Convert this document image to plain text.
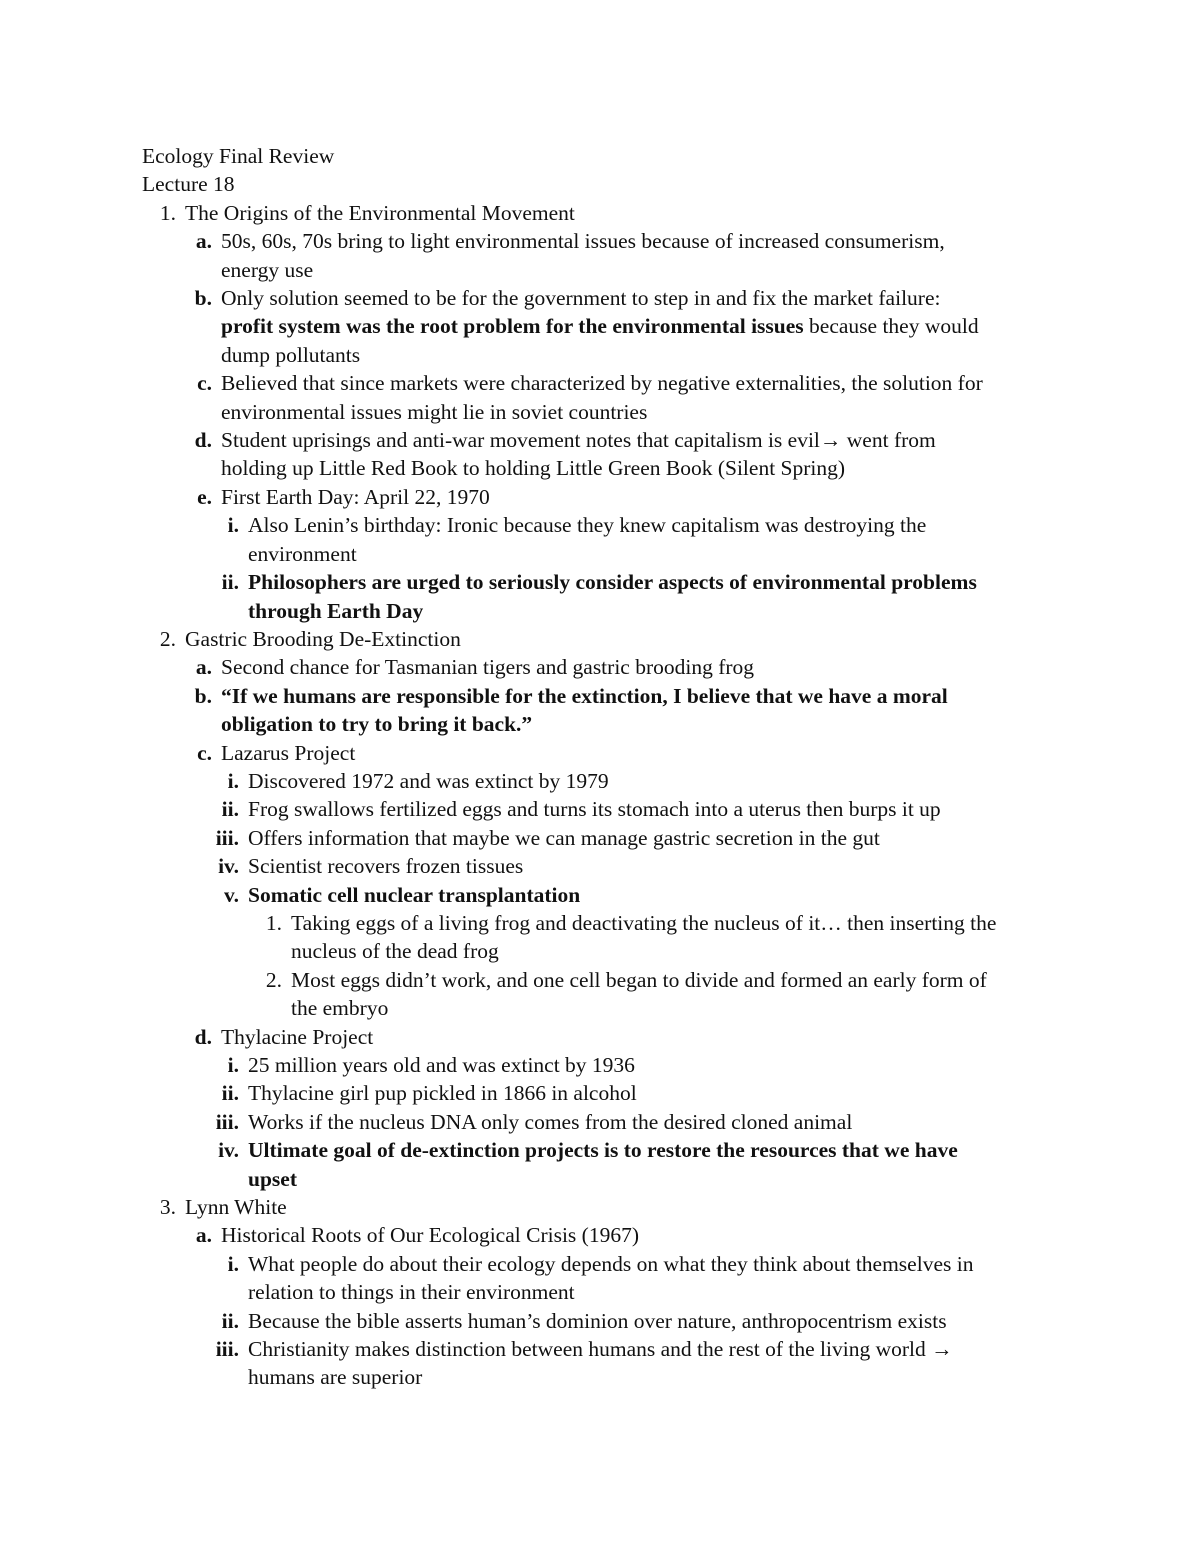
Ecology Final Review
Lecture 18
1. The Origins of the Environmental Movement
a. 50s, 60s, 70s bring to light environmental issues because of increased consumerism,
energy use
b. Only solution seemed to be for the government to step in and fix the market failure:
profit system was the root problem for the environmental issues because they would
dump pollutants
c. Believed that since markets were characterized by negative externalities, the solution for
environmental issues might lie in soviet countries
d. Student uprisings and anti-war movement notes that capitalism is evil→ went from
holding up Little Red Book to holding Little Green Book (Silent Spring)
e. First Earth Day: April 22, 1970
i. Also Lenin’s birthday: Ironic because they knew capitalism was destroying the
environment
ii. Philosophers are urged to seriously consider aspects of environmental problems
through Earth Day
2. Gastric Brooding De-Extinction
a. Second chance for Tasmanian tigers and gastric brooding frog
b. “If we humans are responsible for the extinction, I believe that we have a moral
obligation to try to bring it back.”
c. Lazarus Project
i. Discovered 1972 and was extinct by 1979
ii. Frog swallows fertilized eggs and turns its stomach into a uterus then burps it up
iii. Offers information that maybe we can manage gastric secretion in the gut
iv. Scientist recovers frozen tissues
v. Somatic cell nuclear transplantation
1. Taking eggs of a living frog and deactivating the nucleus of it… then inserting the
nucleus of the dead frog
2. Most eggs didn’t work, and one cell began to divide and formed an early form of
the embryo
d. Thylacine Project
i. 25 million years old and was extinct by 1936
ii. Thylacine girl pup pickled in 1866 in alcohol
iii. Works if the nucleus DNA only comes from the desired cloned animal
iv. Ultimate goal of de-extinction projects is to restore the resources that we have
upset
3. Lynn White
a. Historical Roots of Our Ecological Crisis (1967)
i. What people do about their ecology depends on what they think about themselves in
relation to things in their environment
ii. Because the bible asserts human’s dominion over nature, anthropocentrism exists
iii. Christianity makes distinction between humans and the rest of the living world →
humans are superior
